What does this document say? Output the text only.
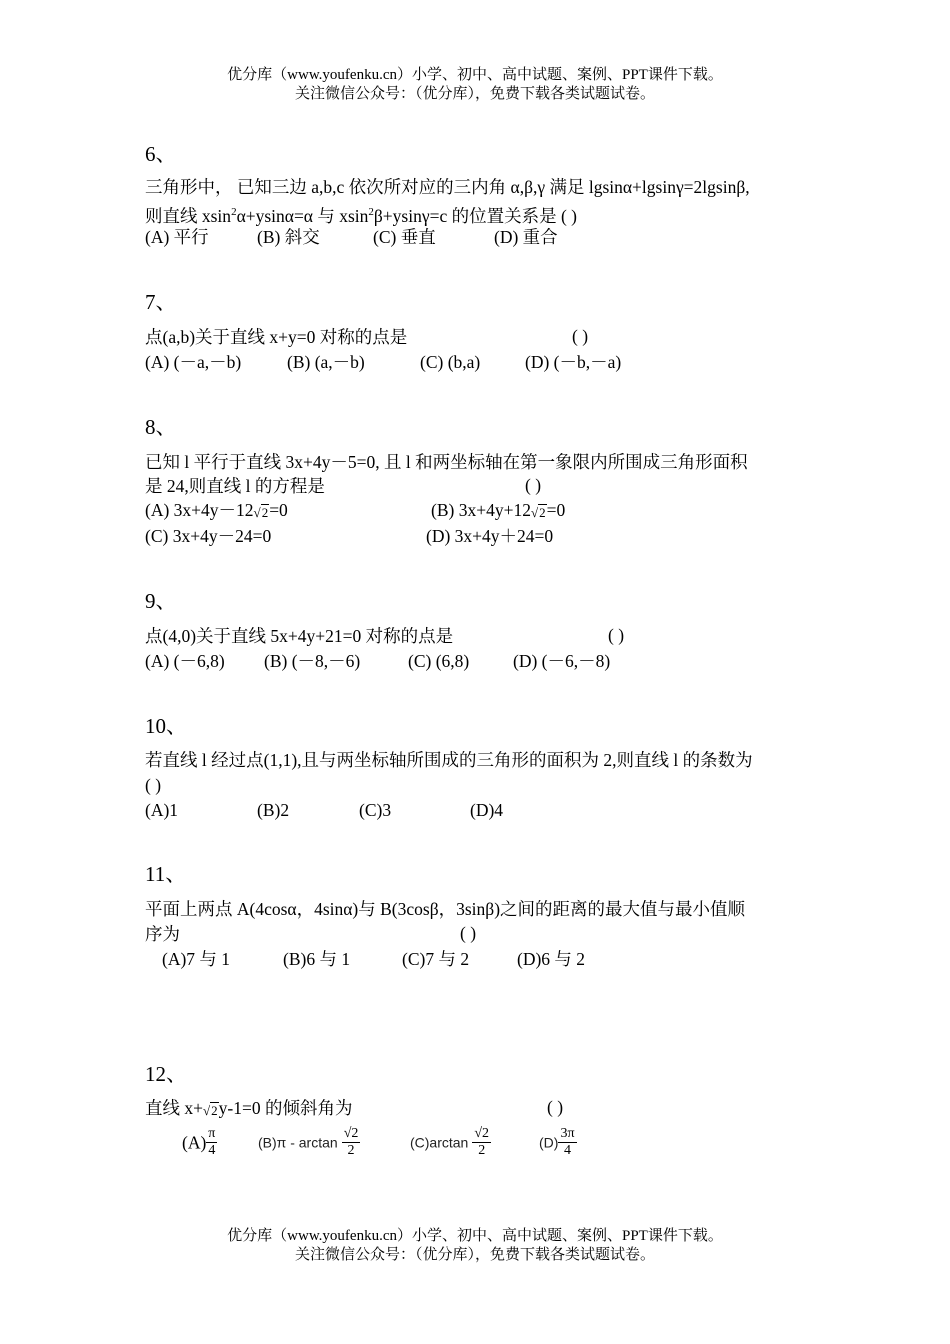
优分库（www.youfenku.cn）小学、初中、高中试题、案例、PPT课件下载。
关注微信公众号：（优分库），免费下载各类试题试卷。
6、
三角形中， 已知三边 a,b,c 依次所对应的三内角 α,β,γ 满足 lgsinα+lgsinγ=2lgsinβ,
则直线 xsin$^2$α+ysinα=α 与 xsin$^2$β+ysinγ=c 的位置关系是 ( )
(A) 平行	(B) 斜交	(C) 垂直	(D) 重合
7、
点(a,b)关于直线 x+y=0 对称的点是	( )
(A) (－a,－b)	(B) (a,－b)	(C) (b,a)	(D) (－b,－a)
8、
已知 l 平行于直线 3x+4y－5=0, 且 l 和两坐标轴在第一象限内所围成三角形面积
是 24,则直线 l 的方程是	( )
(A) 3x+4y－12√2=0	(B) 3x+4y+12√2=0
(C) 3x+4y－24=0	(D) 3x+4y＋24=0
9、
点(4,0)关于直线 5x+4y+21=0 对称的点是	( )
(A) (－6,8) (B) (－8,－6)	(C) (6,8)	(D) (－6,－8)
10、
若直线 l 经过点(1,1),且与两坐标轴所围成的三角形的面积为 2,则直线 l 的条数为
( )
(A)1	(B)2	(C)3	(D)4
11、
平面上两点 A(4cosα，4sinα)与 B(3cosβ，3sinβ)之间的距离的最大值与最小值顺
序为	( )
(A)7 与 1	(B)6 与 1	(C)7 与 2	(D)6 与 2
12、
直线 x+√2y-1=0 的倾斜角为	( )
$(A) \frac{\pi}{4}$	$(B)\pi - \arctan \frac{√2}{2}$	$(C)\arctan \frac{√2}{2}$	$(D) \frac{3\pi}{4}$
优分库（www.youfenku.cn）小学、初中、高中试题、案例、PPT课件下载。
关注微信公众号：（优分库），免费下载各类试题试卷。
